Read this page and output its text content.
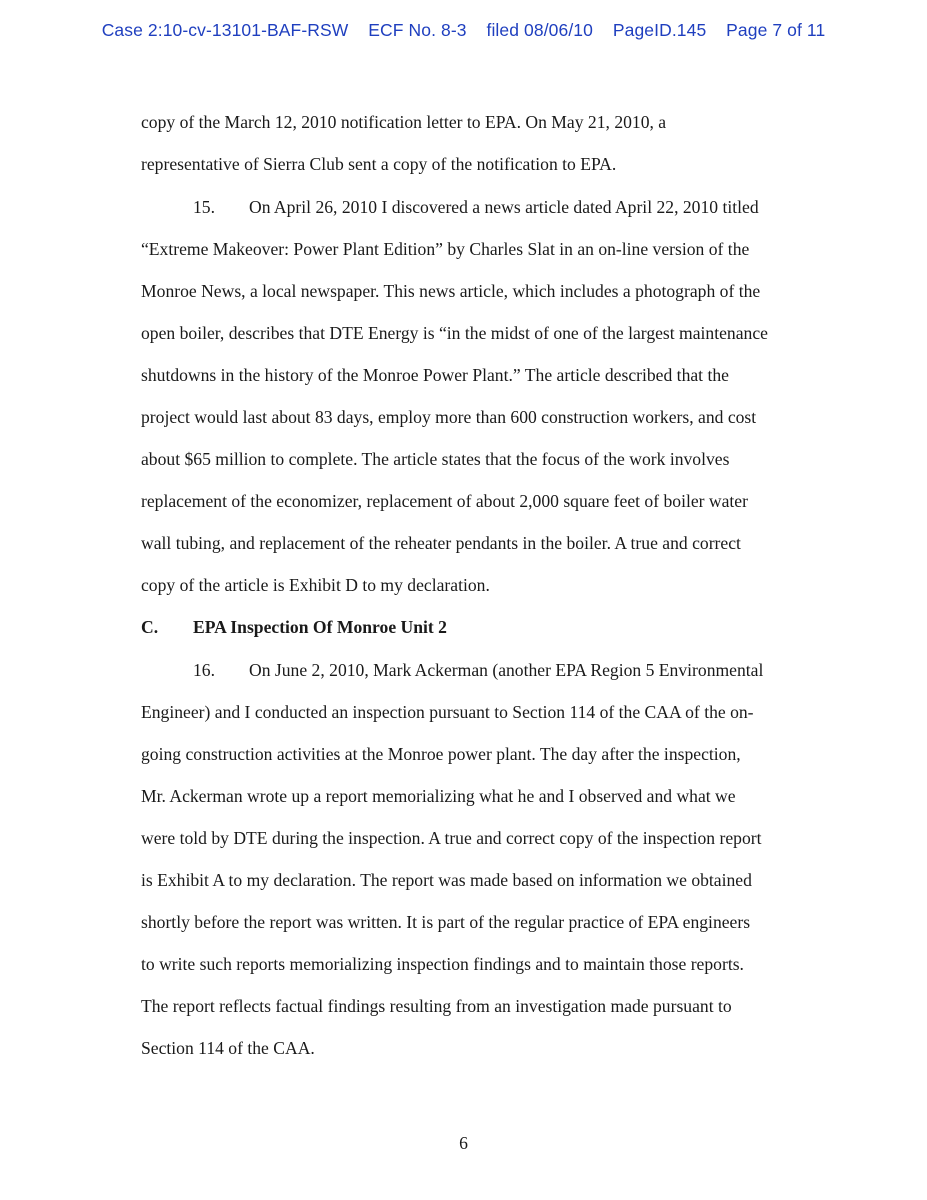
Case 2:10-cv-13101-BAF-RSW ECF No. 8-3 filed 08/06/10 PageID.145 Page 7 of 11
copy of the March 12, 2010 notification letter to EPA. On May 21, 2010, a
representative of Sierra Club sent a copy of the notification to EPA.
15. On April 26, 2010 I discovered a news article dated April 22, 2010 titled
“Extreme Makeover: Power Plant Edition” by Charles Slat in an on-line version of the
Monroe News, a local newspaper. This news article, which includes a photograph of the
open boiler, describes that DTE Energy is “in the midst of one of the largest maintenance
shutdowns in the history of the Monroe Power Plant.” The article described that the
project would last about 83 days, employ more than 600 construction workers, and cost
about $65 million to complete. The article states that the focus of the work involves
replacement of the economizer, replacement of about 2,000 square feet of boiler water
wall tubing, and replacement of the reheater pendants in the boiler. A true and correct
copy of the article is Exhibit D to my declaration.
C. EPA Inspection Of Monroe Unit 2
16. On June 2, 2010, Mark Ackerman (another EPA Region 5 Environmental
Engineer) and I conducted an inspection pursuant to Section 114 of the CAA of the on-
going construction activities at the Monroe power plant. The day after the inspection,
Mr. Ackerman wrote up a report memorializing what he and I observed and what we
were told by DTE during the inspection. A true and correct copy of the inspection report
is Exhibit A to my declaration. The report was made based on information we obtained
shortly before the report was written. It is part of the regular practice of EPA engineers
to write such reports memorializing inspection findings and to maintain those reports.
The report reflects factual findings resulting from an investigation made pursuant to
Section 114 of the CAA.
6
